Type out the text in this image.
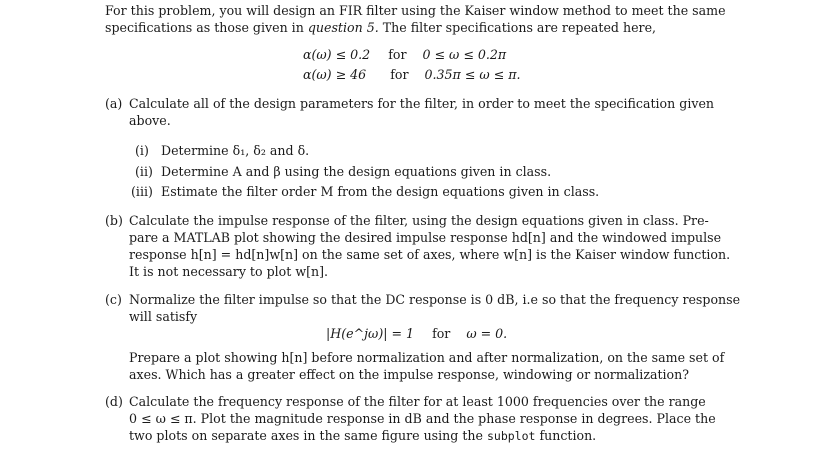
For this problem, you will design an FIR filter using the Kaiser window method to meet the same
specifications as those given in question 5. The filter specifications are repeated here,
α(ω) ≤ 0.2 for 0 ≤ ω ≤ 0.2π
α(ω) ≥ 46 for 0.35π ≤ ω ≤ π.
(a) Calculate all of the design parameters for the filter, in order to meet the specification given
above.
(i) Determine δ₁, δ₂ and δ.
(ii) Determine A and β using the design equations given in class.
(iii) Estimate the filter order M from the design equations given in class.
(b) Calculate the impulse response of the filter, using the design equations given in class. Pre-
pare a MATLAB plot showing the desired impulse response hd[n] and the windowed impulse
response h[n] = hd[n]w[n] on the same set of axes, where w[n] is the Kaiser window function.
It is not necessary to plot w[n].
(c) Normalize the filter impulse so that the DC response is 0 dB, i.e so that the frequency response
will satisfy
|H(e^jω)| = 1 for ω = 0.
Prepare a plot showing h[n] before normalization and after normalization, on the same set of
axes. Which has a greater effect on the impulse response, windowing or normalization?
(d) Calculate the frequency response of the filter for at least 1000 frequencies over the range
0 ≤ ω ≤ π. Plot the magnitude response in dB and the phase response in degrees. Place the
two plots on separate axes in the same figure using the subplot function.
